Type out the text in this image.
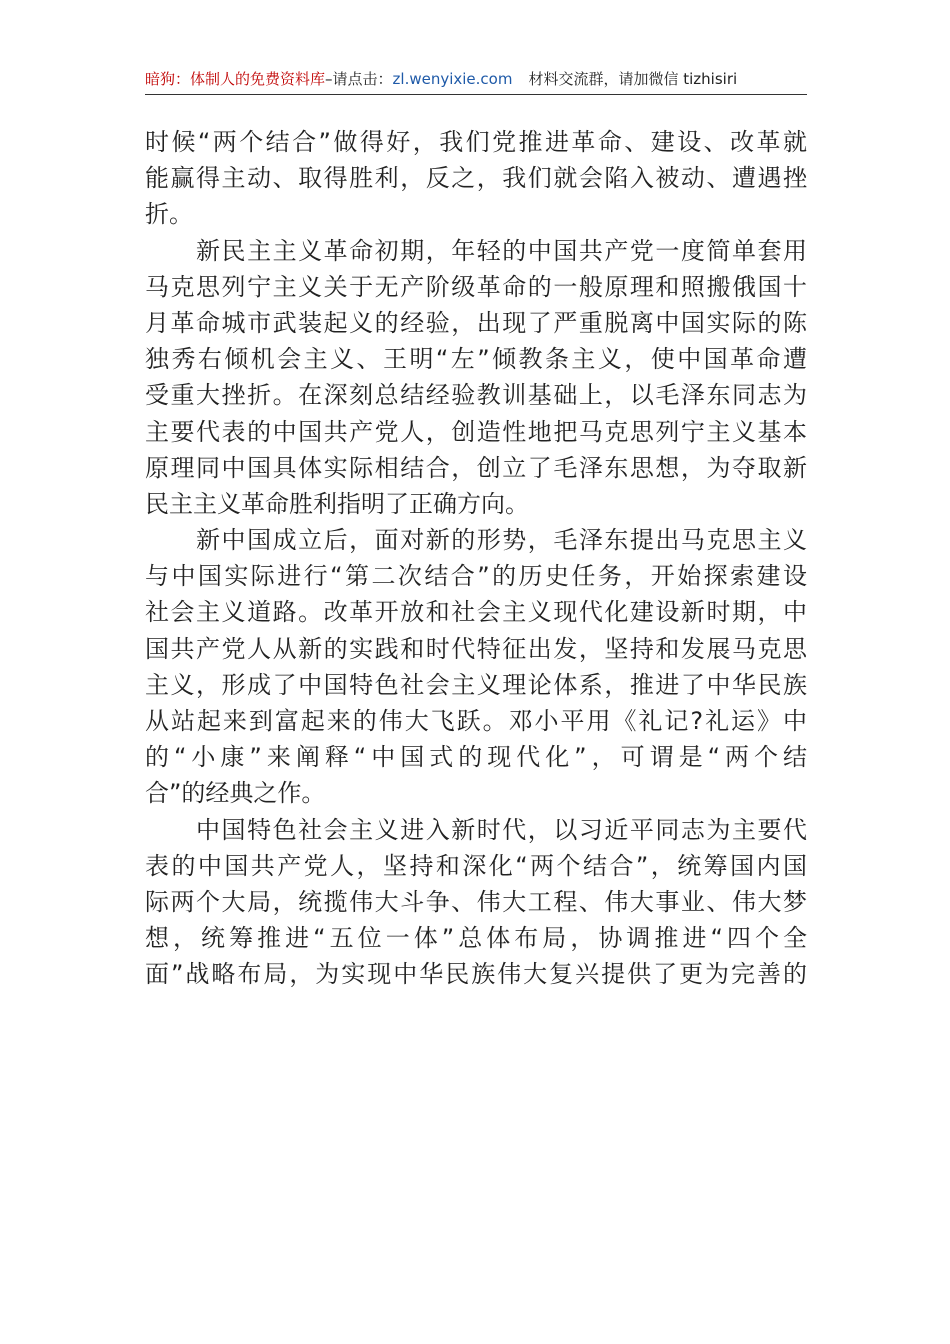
暗狗：体制人的免费资料库–请点击：zl.wenyixie.com 材料交流群，请加微信 tizhisiri
时候“两个结合”做得好，我们党推进革命、建设、改革就
能赢得主动、取得胜利，反之，我们就会陷入被动、遭遇挫
折。
　　新民主主义革命初期，年轻的中国共产党一度简单套用
马克思列宁主义关于无产阶级革命的一般原理和照搬俄国十
月革命城市武装起义的经验，出现了严重脱离中国实际的陈
独秀右倾机会主义、王明“左”倾教条主义，使中国革命遭
受重大挫折。在深刻总结经验教训基础上，以毛泽东同志为
主要代表的中国共产党人，创造性地把马克思列宁主义基本
原理同中国具体实际相结合，创立了毛泽东思想，为夺取新
民主主义革命胜利指明了正确方向。
　　新中国成立后，面对新的形势，毛泽东提出马克思主义
与中国实际进行“第二次结合”的历史任务，开始探索建设
社会主义道路。改革开放和社会主义现代化建设新时期，中
国共产党人从新的实践和时代特征出发，坚持和发展马克思
主义，形成了中国特色社会主义理论体系，推进了中华民族
从站起来到富起来的伟大飞跃。邓小平用《礼记?礼运》中
的“小康”来阐释“中国式的现代化”，可谓是“两个结
合”的经典之作。
　　中国特色社会主义进入新时代，以习近平同志为主要代
表的中国共产党人，坚持和深化“两个结合”，统筹国内国
际两个大局，统揽伟大斗争、伟大工程、伟大事业、伟大梦
想，统筹推进“五位一体”总体布局，协调推进“四个全
面”战略布局，为实现中华民族伟大复兴提供了更为完善的
